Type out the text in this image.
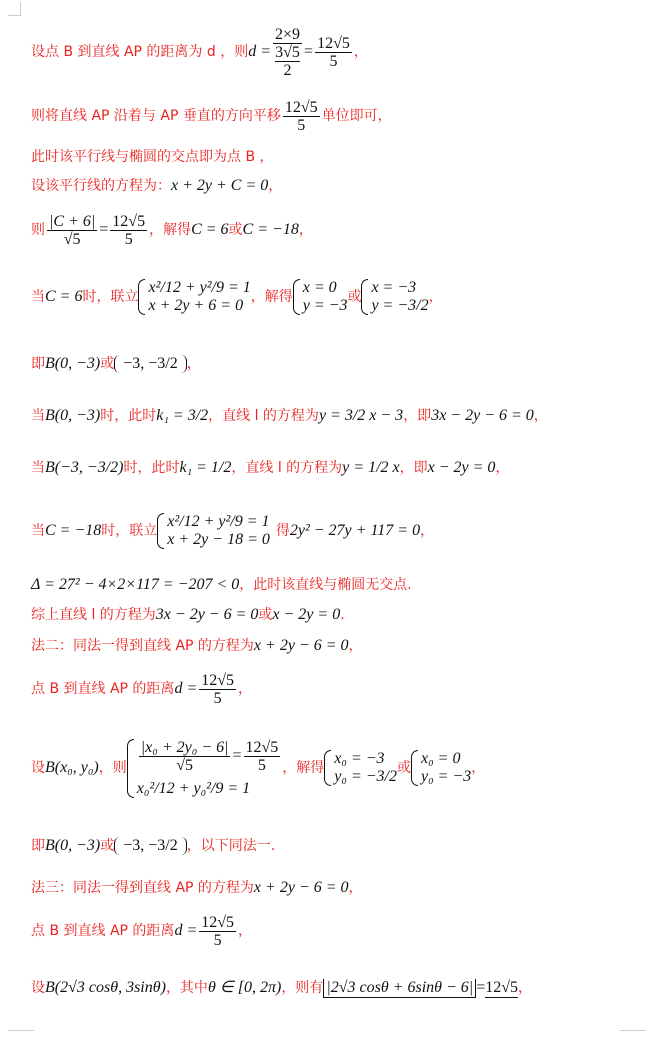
设点 B 到直线 AP 的距离为 d ，则 $d = \frac{2\times 9}{\frac{3√5}{2}} = \frac{12√5}{5}$ ，
则将直线 AP 沿着与 AP 垂直的方向平移 $\frac{12√5}{5}$ 单位即可，
此时该平行线与椭圆的交点即为点 B ，
设该平行线的方程为： x + 2y + C = 0 ，
则 $\frac{|C + 6|}{√5} = \frac{12√5}{5}$ ，解得 C = 6 或 C = −18 ，
当 C = 6 时，联立
x²/12 + y²/9 = 1
x + 2y + 6 = 0 ，解得
x = 0
y = −3 或
x = −3
y = −3/2 ，
即 B(0, −3) 或 −3, −3/2 ，
当 B(0, −3) 时，此时 k₁ = 3/2 ，直线 l 的方程为 y = 3/2 x − 3 ，即 3x − 2y − 6 = 0 ，
当 B(−3, −3/2) 时，此时 k₁ = 1/2 ，直线 l 的方程为 y = 1/2 x ，即 x − 2y = 0 ，
当 C = −18 时，联立
x²/12 + y²/9 = 1
x + 2y − 18 = 0 得 2y² − 27y + 117 = 0 ，
Δ = 27² − 4×2×117 = −207 < 0 ，此时该直线与椭圆无交点.
综上直线 l 的方程为 3x − 2y − 6 = 0 或 x − 2y = 0 .
法二：同法一得到直线 AP 的方程为 x + 2y − 6 = 0 ，
点 B 到直线 AP 的距离 $d = \frac{12√5}{5}$ ，
设 B(x₀, y₀) ，则 $\frac{\text{|x₀ + 2y₀ − 6|}}{√5} = \frac{12√5}{5}$
x₀²/12 + y₀²/9 = 1
，解得
x₀ = −3
y₀ = −3/2 或
x₀ = 0
y₀ = −3 ，
即 B(0, −3) 或 −3, −3/2 ，以下同法一.
法三：同法一得到直线 AP 的方程为 x + 2y − 6 = 0 ，
点 B 到直线 AP 的距离 $d = \frac{12√5}{5}$ ，
设 B(2√3 cosθ, 3sinθ) ，其中 θ ∈ [0, 2π) ，则有 |2√3 cosθ + 6sinθ − 6| = 12√5 ，
